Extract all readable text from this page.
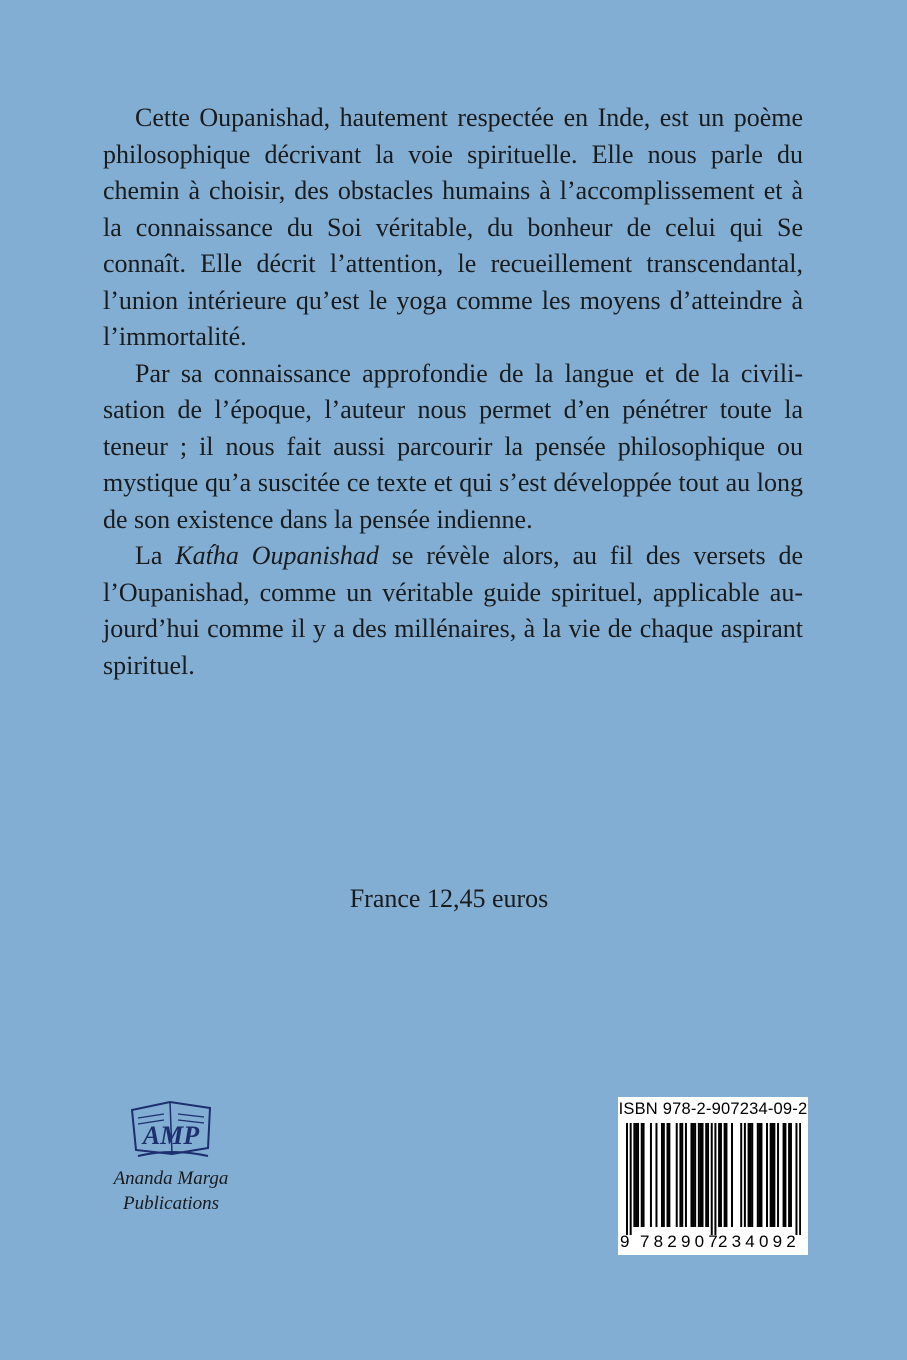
Cette Oupanishad, hautement respectée en Inde, est un poème philosophique décrivant la voie spirituelle. Elle nous parle du chemin à choisir, des obstacles humains à l’accomplissement et à la connaissance du Soi véritable, du bonheur de celui qui Se connaît. Elle décrit l’attention, le recueillement transcendantal, l’union intérieure qu’est le yoga comme les moyens d’atteindre à l’immortalité.

Par sa connaissance approfondie de la langue et de la civilisation de l’époque, l’auteur nous permet d’en pénétrer toute la teneur ; il nous fait aussi parcourir la pensée philosophique ou mystique qu’a suscitée ce texte et qui s’est développée tout au long de son existence dans la pensée indienne.

La Kat́ha Oupanishad se révèle alors, au fil des versets de l’Oupanishad, comme un véritable guide spirituel, applicable aujourd’hui comme il y a des millénaires, à la vie de chaque aspirant spirituel.

France 12,45 euros
AMP
Ananda Marga
Publications
ISBN 978-2-907234-09-2
9 782907
234092
